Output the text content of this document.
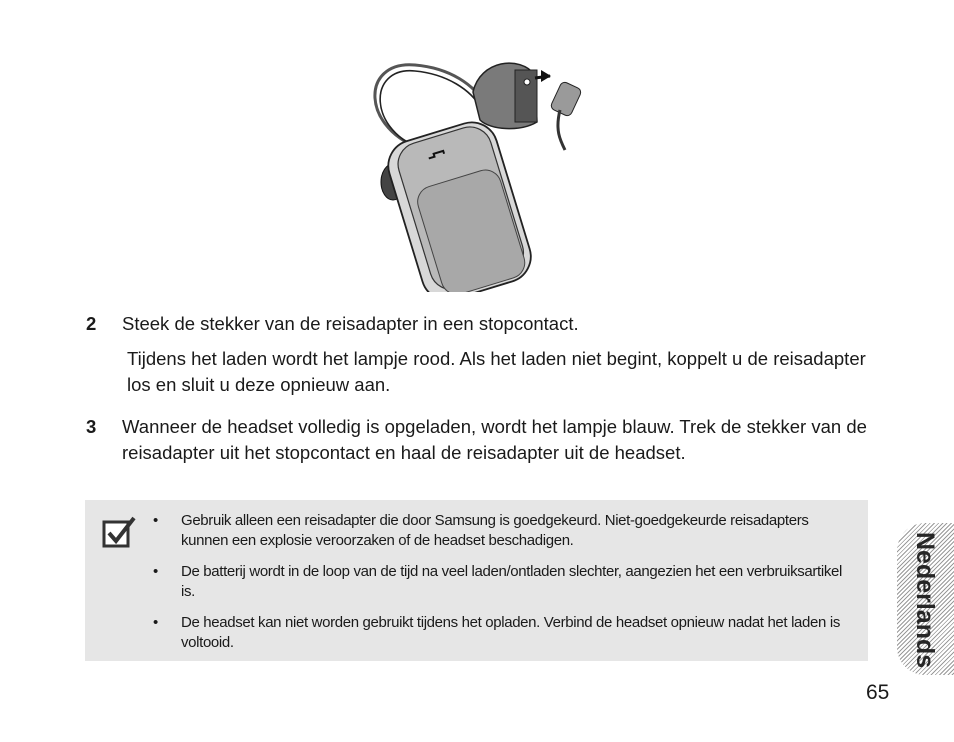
2	Steek de stekker van de reisadapter in een stopcontact.
Tijdens het laden wordt het lampje rood. Als het laden niet begint, koppelt u de reisadapter los en sluit u deze opnieuw aan.
3	Wanneer de headset volledig is opgeladen, wordt het lampje blauw. Trek de stekker van de reisadapter uit het stopcontact en haal de reisadapter uit de headset.
• Gebruik alleen een reisadapter die door Samsung is goedgekeurd. Niet-goedgekeurde reisadapters kunnen een explosie veroorzaken of de headset beschadigen.
• De batterij wordt in de loop van de tijd na veel laden/ontladen slechter, aangezien het een verbruiksartikel is.
• De headset kan niet worden gebruikt tijdens het opladen. Verbind de headset opnieuw nadat het laden is voltooid.	Nederlands
65
